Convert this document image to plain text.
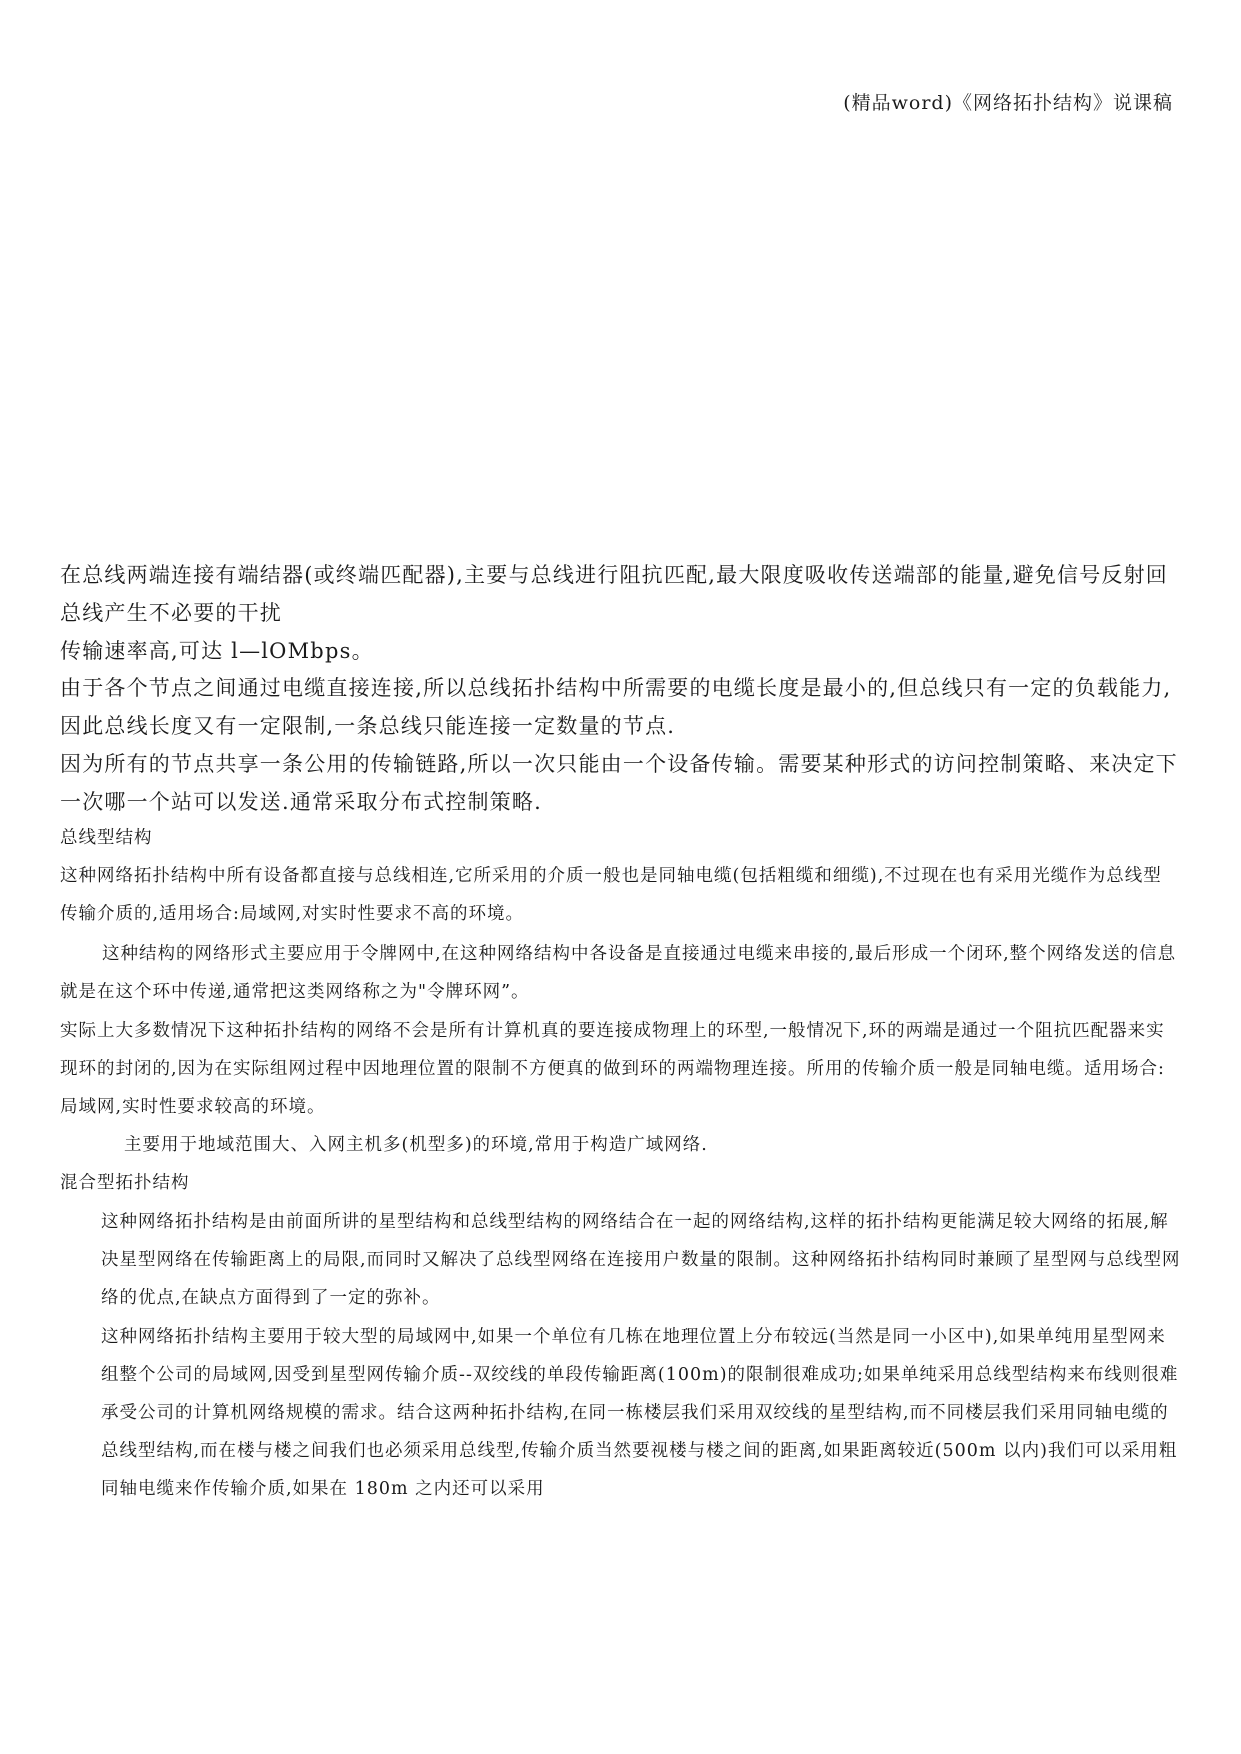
(精品word)《网络拓扑结构》说课稿

在总线两端连接有端结器(或终端匹配器),主要与总线进行阻抗匹配,最大限度吸收传送端部的能量,避免信号反射回总线产生不必要的干扰

传输速率高,可达 l—lOMbps。

由于各个节点之间通过电缆直接连接,所以总线拓扑结构中所需要的电缆长度是最小的,但总线只有一定的负载能力,因此总线长度又有一定限制,一条总线只能连接一定数量的节点.

因为所有的节点共享一条公用的传输链路,所以一次只能由一个设备传输。需要某种形式的访问控制策略、来决定下一次哪一个站可以发送.通常采取分布式控制策略.

总线型结构

这种网络拓扑结构中所有设备都直接与总线相连,它所采用的介质一般也是同轴电缆(包括粗缆和细缆),不过现在也有采用光缆作为总线型传输介质的,适用场合:局域网,对实时性要求不高的环境。

这种结构的网络形式主要应用于令牌网中,在这种网络结构中各设备是直接通过电缆来串接的,最后形成一个闭环,整个网络发送的信息就是在这个环中传递,通常把这类网络称之为"令牌环网”。

实际上大多数情况下这种拓扑结构的网络不会是所有计算机真的要连接成物理上的环型,一般情况下,环的两端是通过一个阻抗匹配器来实现环的封闭的,因为在实际组网过程中因地理位置的限制不方便真的做到环的两端物理连接。所用的传输介质一般是同轴电缆。适用场合:局域网,实时性要求较高的环境。

主要用于地域范围大、入网主机多(机型多)的环境,常用于构造广域网络.

混合型拓扑结构

这种网络拓扑结构是由前面所讲的星型结构和总线型结构的网络结合在一起的网络结构,这样的拓扑结构更能满足较大网络的拓展,解决星型网络在传输距离上的局限,而同时又解决了总线型网络在连接用户数量的限制。这种网络拓扑结构同时兼顾了星型网与总线型网络的优点,在缺点方面得到了一定的弥补。

这种网络拓扑结构主要用于较大型的局域网中,如果一个单位有几栋在地理位置上分布较远(当然是同一小区中),如果单纯用星型网来组整个公司的局域网,因受到星型网传输介质--双绞线的单段传输距离(100m)的限制很难成功;如果单纯采用总线型结构来布线则很难承受公司的计算机网络规模的需求。结合这两种拓扑结构,在同一栋楼层我们采用双绞线的星型结构,而不同楼层我们采用同轴电缆的总线型结构,而在楼与楼之间我们也必须采用总线型,传输介质当然要视楼与楼之间的距离,如果距离较近(500m 以内)我们可以采用粗同轴电缆来作传输介质,如果在 180m 之内还可以采用
